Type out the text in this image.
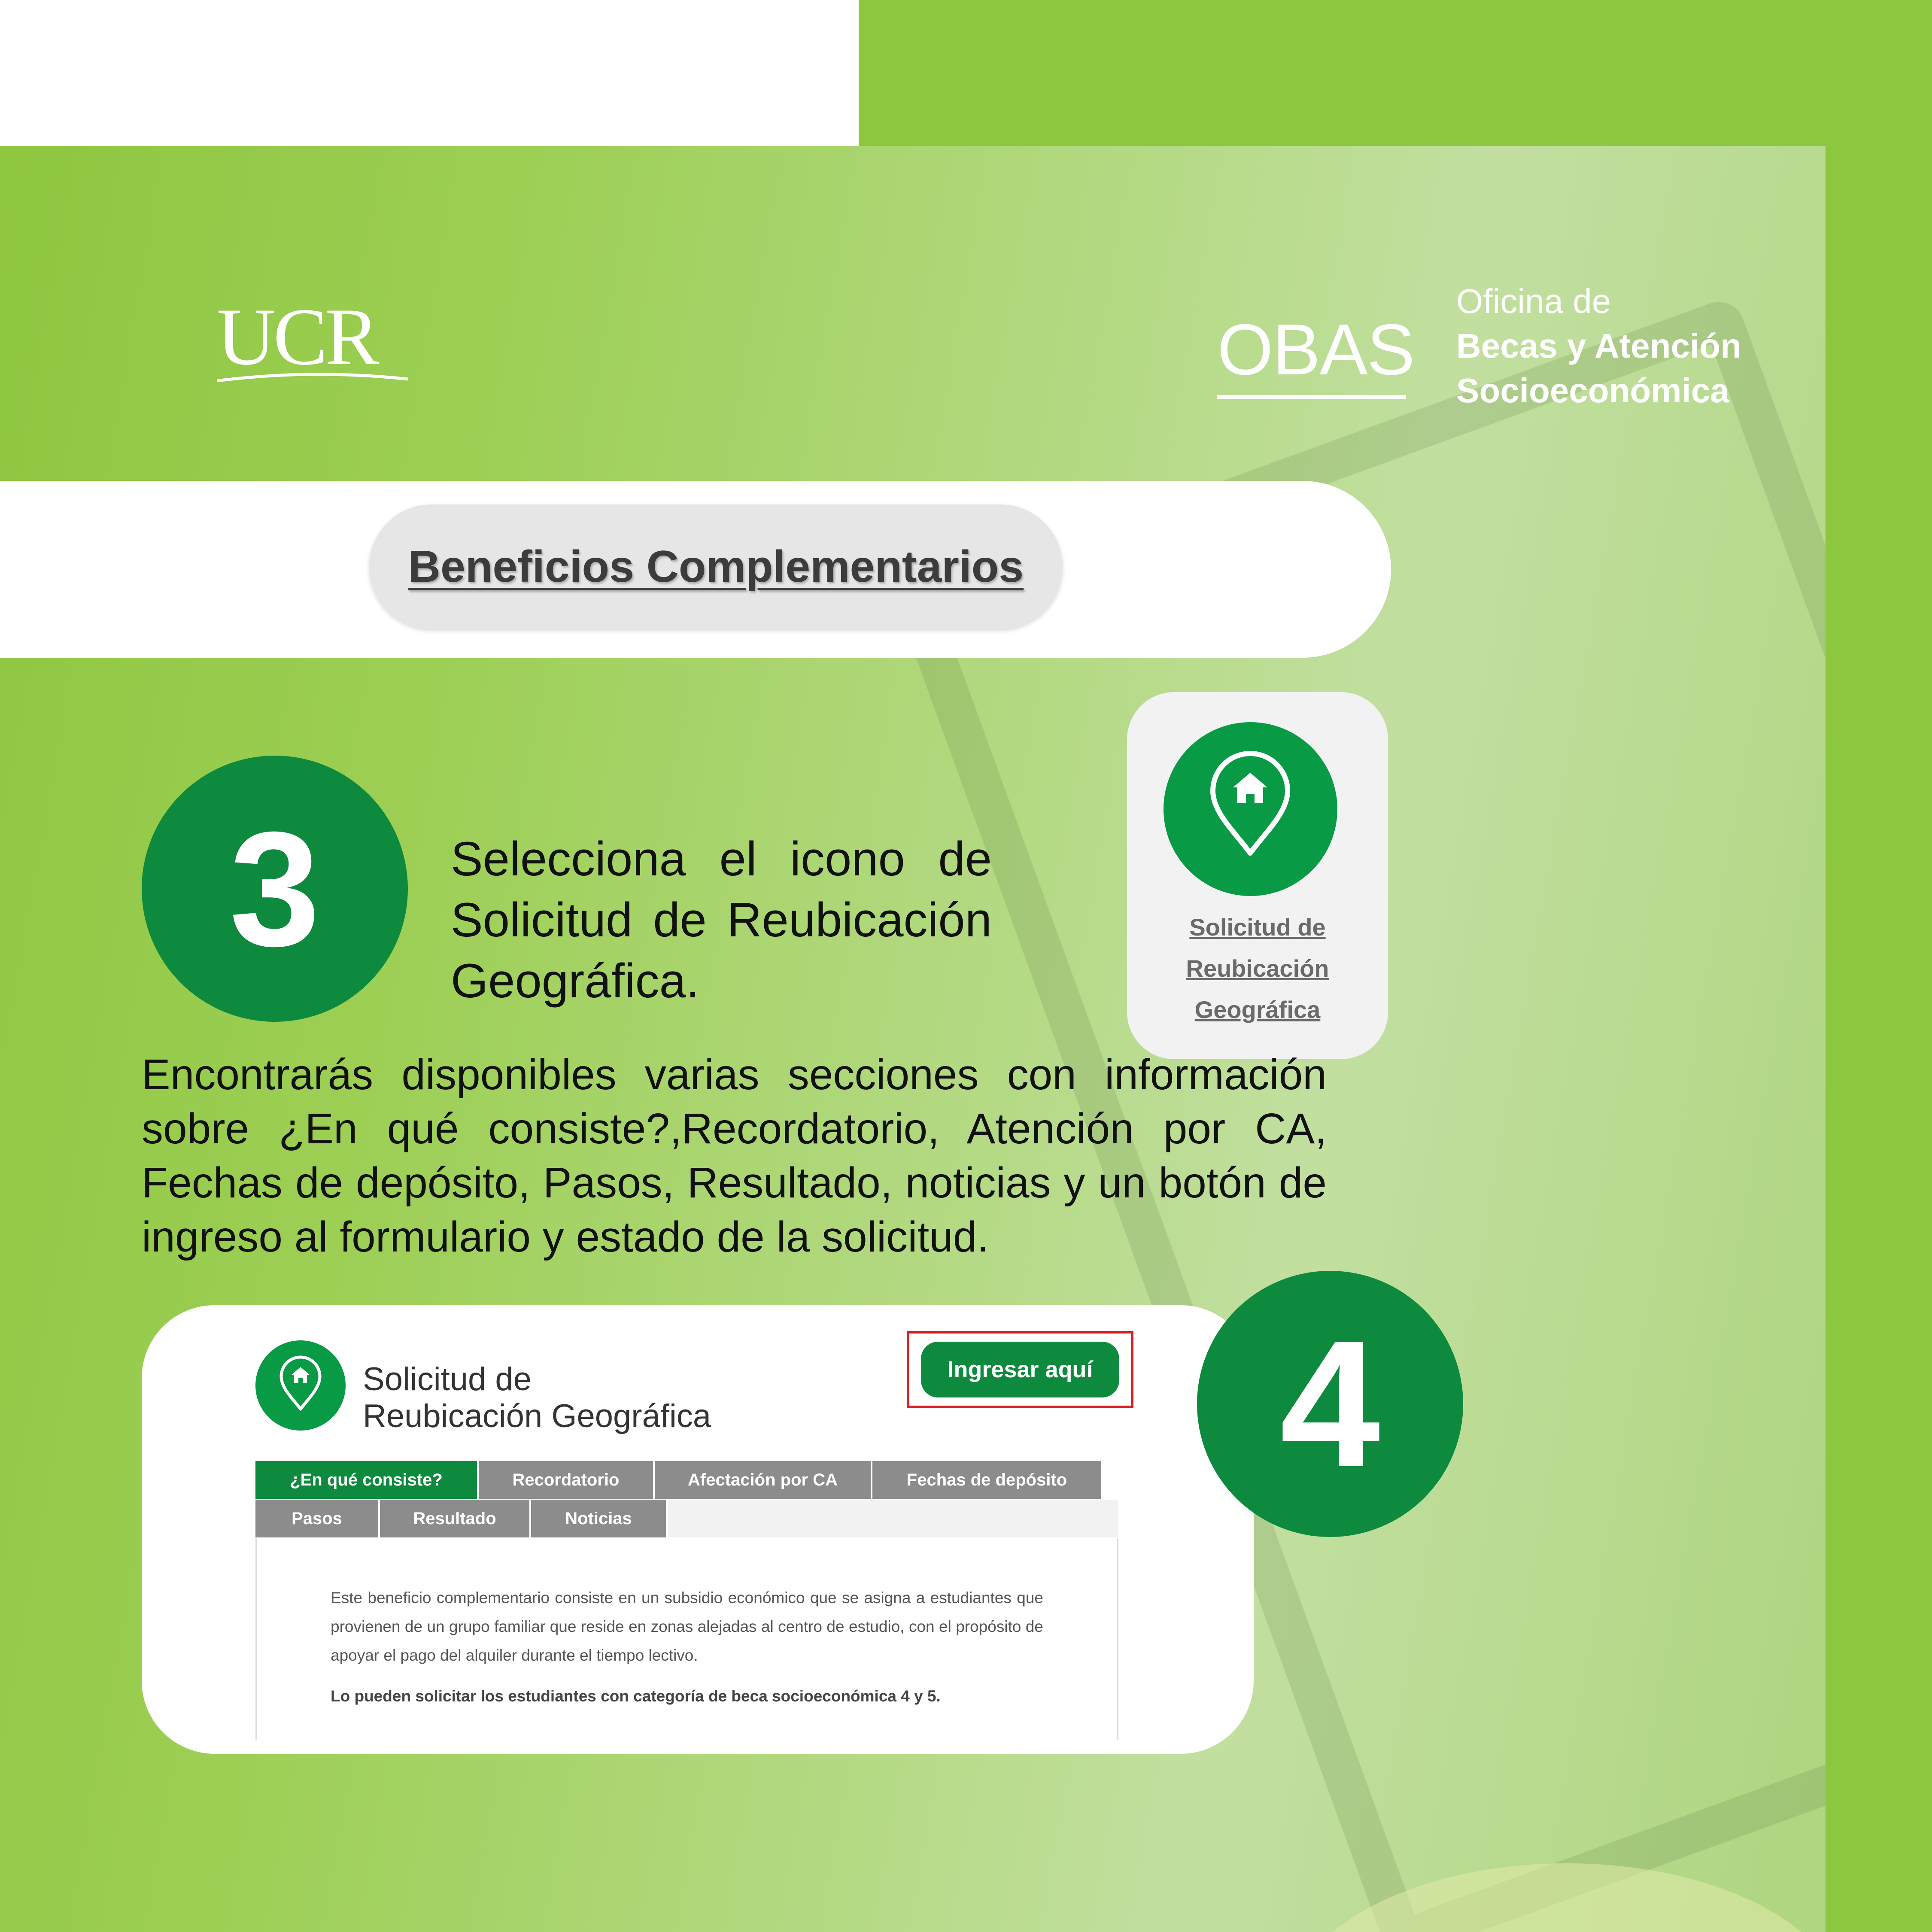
UCR	OBAS
Oficina de
Becas y Atención
Socioeconómica
Beneficios Complementarios
3	Selecciona el icono de Solicitud de Reubicación Geográfica.
Solicitud de
Reubicación
Geográfica
Encontrarás disponibles varias secciones con información sobre ¿En qué consiste?,Recordatorio, Atención por CA, Fechas de depósito, Pasos, Resultado, noticias y un botón de ingreso al formulario y estado de la solicitud.
Solicitud de
Reubicación Geográfica
Ingresar aquí
¿En qué consiste?	Recordatorio	Afectación por CA	Fechas de depósito
Pasos	Resultado	Noticias
Este beneficio complementario consiste en un subsidio económico que se asigna a estudiantes que provienen de un grupo familiar que reside en zonas alejadas al centro de estudio, con el propósito de apoyar el pago del alquiler durante el tiempo lectivo.
Lo pueden solicitar los estudiantes con categoría de beca socioeconómica 4 y 5.
4
